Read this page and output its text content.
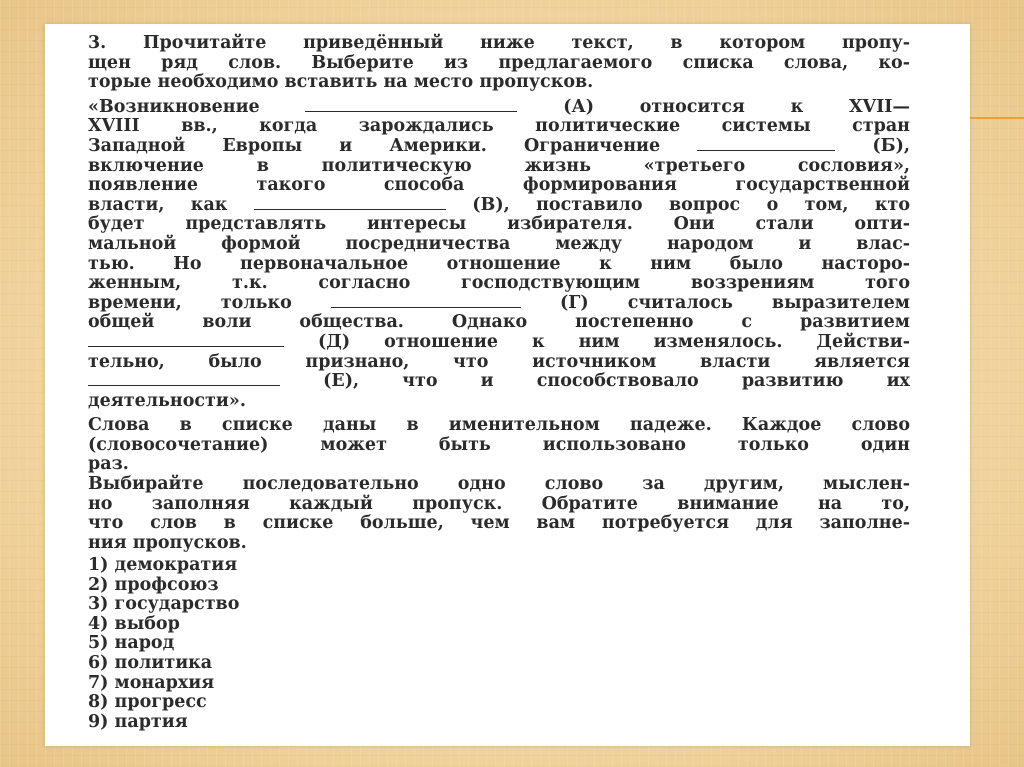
3. Прочитайте приведённый ниже текст, в котором пропу-
щен ряд слов. Выберите из предлагаемого списка слова, ко-
торые необходимо вставить на место пропусков.
«Возникновение	(А) относится к XVII—
XVIII вв., когда зарождались политические системы стран
Западной Европы и Америки. Ограничение	(Б),
включение в политическую жизнь «третьего сословия»,
появление такого способа формирования государственной
власти, как	(В), поставило вопрос о том, кто
будет представлять интересы избирателя. Они стали опти-
мальной формой посредничества между народом и влас-
тью. Но первоначальное отношение к ним было насторо-
женным, т.к. согласно господствующим воззрениям того
времени, только	(Г) считалось выразителем
общей воли общества. Однако постепенно с развитием
(Д) отношение к ним изменялось. Действи-
тельно, было признано, что источником власти является
(Е), что и способствовало развитию их
деятельности».
Слова в списке даны в именительном падеже. Каждое слово
(словосочетание) может быть использовано только один
раз.
Выбирайте последовательно одно слово за другим, мыслен-
но заполняя каждый пропуск. Обратите внимание на то,
что слов в списке больше, чем вам потребуется для заполне-
ния пропусков.
1) демократия
2) профсоюз
3) государство
4) выбор
5) народ
6) политика
7) монархия
8) прогресс
9) партия
